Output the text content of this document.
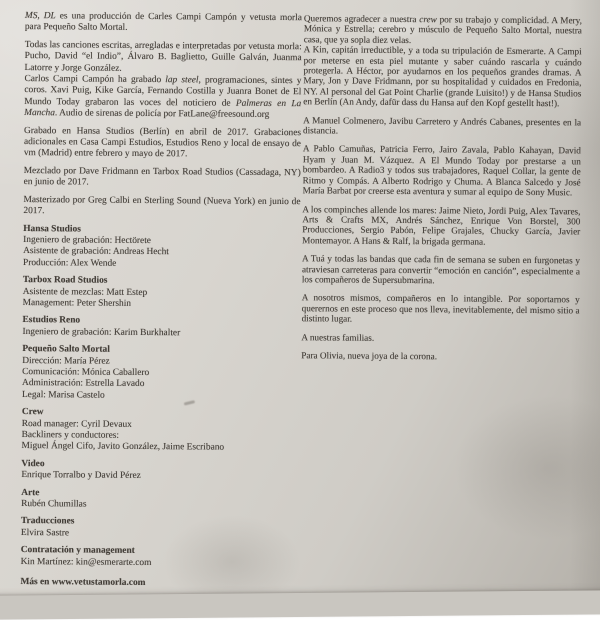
MS, DL es una producción de Carles Campi Campón y vetusta morla para Pequeño Salto Mortal.
Todas las canciones escritas, arregladas e interpretadas por vetusta morla: Pucho, David “el Indio”, Álvaro B. Baglietto, Guille Galván, Juanma Latorre y Jorge González.
Carlos Campi Campón ha grabado lap steel, programaciones, sintes y coros. Xavi Puig, Kike García, Fernando Costilla y Juanra Bonet de El Mundo Today grabaron las voces del noticiero de Palmeras en La Mancha. Audio de sirenas de policía por FatLane@freesound.org
Grabado en Hansa Studios (Berlín) en abril de 2017. Grabaciones adicionales en Casa Campi Estudios, Estudios Reno y local de ensayo de vm (Madrid) entre febrero y mayo de 2017.
Mezclado por Dave Fridmann en Tarbox Road Studios (Cassadaga, NY) en junio de 2017.
Masterizado por Greg Calbi en Sterling Sound (Nueva York) en junio de 2017.
Hansa Studios
Ingeniero de grabación: Hectörete
Asistente de grabación: Andreas Hecht
Producción: Alex Wende
Tarbox Road Studios
Asistente de mezclas: Matt Estep
Management: Peter Shershin
Estudios Reno
Ingeniero de grabación: Karim Burkhalter
Pequeño Salto Mortal
Dirección: María Pérez
Comunicación: Mónica Caballero
Administración: Estrella Lavado
Legal: Marisa Castelo
Crew
Road manager: Cyril Devaux
Backliners y conductores:
Miguel Ángel Cifo, Javito González, Jaime Escribano
Video
Enrique Torralbo y David Pérez
Arte
Rubén Chumillas
Traducciones
Elvira Sastre
Contratación y management
Kin Martínez: kin@esmerarte.com
Más en www.vetustamorla.com
Queremos agradecer a nuestra crew por su trabajo y complicidad. A Mery, Mónica y Estrella; cerebro y músculo de Pequeño Salto Mortal, nuestra casa, que ya sopla diez velas.
A Kin, capitán irreductible, y a toda su tripulación de Esmerarte. A Campi por meterse en esta piel mutante y saber cuándo rascarla y cuándo protegerla. A Héctor, por ayudarnos en los pequeños grandes dramas. A Mary, Jon y Dave Fridmann, por su hospitalidad y cuidados en Fredonia, NY. Al personal del Gat Point Charlie (grande Luisito!) y de Hansa Studios en Berlín (An Andy, dafür dass du Hansa auf den Kopf gestellt hast!).
A Manuel Colmenero, Javibu Carretero y Andrés Cabanes, presentes en la distancia.
A Pablo Camuñas, Patricia Ferro, Jairo Zavala, Pablo Kahayan, David Hyam y Juan M. Vázquez. A El Mundo Today por prestarse a un bombardeo. A Radio3 y todos sus trabajadores, Raquel Collar, la gente de Ritmo y Compás. A Alberto Rodrigo y Chuma. A Blanca Salcedo y José María Barbat por creerse esta aventura y sumar al equipo de Sony Music.
A los compinches allende los mares: Jaime Nieto, Jordi Puig, Alex Tavares, Arts & Crafts MX, Andrés Sánchez, Enrique Von Borstel, 300 Producciones, Sergio Pabón, Felipe Grajales, Chucky García, Javier Montemayor. A Hans & Ralf, la brigada germana.
A Tuá y todas las bandas que cada fin de semana se suben en furgonetas y atraviesan carreteras para convertir “emoción en canción”, especialmente a los compañeros de Supersubmarina.
A nosotros mismos, compañeros en lo intangible. Por soportarnos y querernos en este proceso que nos lleva, inevitablemente, del mismo sitio a distinto lugar.
A nuestras familias.
Para Olivia, nueva joya de la corona.
